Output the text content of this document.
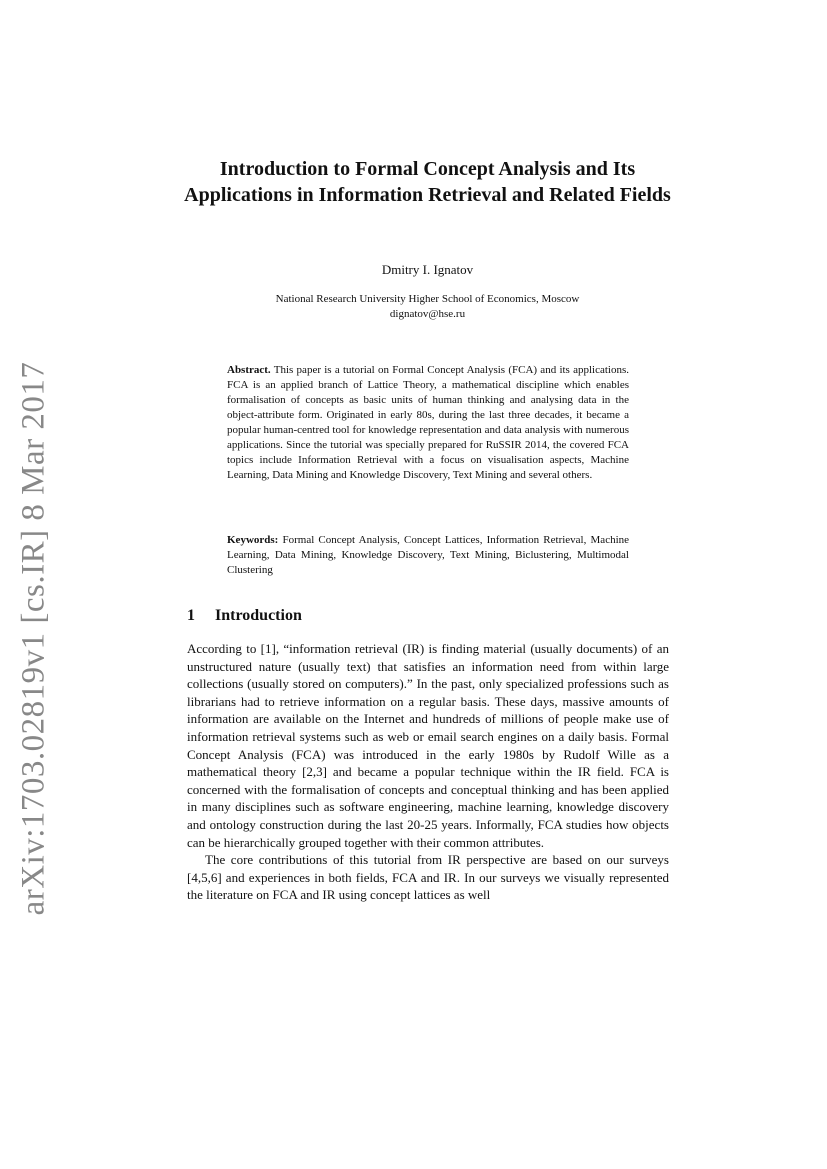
arXiv:1703.02819v1 [cs.IR] 8 Mar 2017
Introduction to Formal Concept Analysis and Its Applications in Information Retrieval and Related Fields
Dmitry I. Ignatov
National Research University Higher School of Economics, Moscow
dignatov@hse.ru
Abstract. This paper is a tutorial on Formal Concept Analysis (FCA) and its applications. FCA is an applied branch of Lattice Theory, a mathematical discipline which enables formalisation of concepts as basic units of human thinking and analysing data in the object-attribute form. Originated in early 80s, during the last three decades, it became a popular human-centred tool for knowledge representation and data analysis with numerous applications. Since the tutorial was specially prepared for RuSSIR 2014, the covered FCA topics include Information Retrieval with a focus on visualisation aspects, Machine Learning, Data Mining and Knowledge Discovery, Text Mining and several others.
Keywords: Formal Concept Analysis, Concept Lattices, Information Retrieval, Machine Learning, Data Mining, Knowledge Discovery, Text Mining, Biclustering, Multimodal Clustering
1 Introduction

According to [1], “information retrieval (IR) is finding material (usually documents) of an unstructured nature (usually text) that satisfies an information need from within large collections (usually stored on computers).” In the past, only specialized professions such as librarians had to retrieve information on a regular basis. These days, massive amounts of information are available on the Internet and hundreds of millions of people make use of information retrieval systems such as web or email search engines on a daily basis. Formal Concept Analysis (FCA) was introduced in the early 1980s by Rudolf Wille as a mathematical theory [2,3] and became a popular technique within the IR field. FCA is concerned with the formalisation of concepts and conceptual thinking and has been applied in many disciplines such as software engineering, machine learning, knowledge discovery and ontology construction during the last 20-25 years. Informally, FCA studies how objects can be hierarchically grouped together with their common attributes.

The core contributions of this tutorial from IR perspective are based on our surveys [4,5,6] and experiences in both fields, FCA and IR. In our surveys we visually represented the literature on FCA and IR using concept lattices as well
